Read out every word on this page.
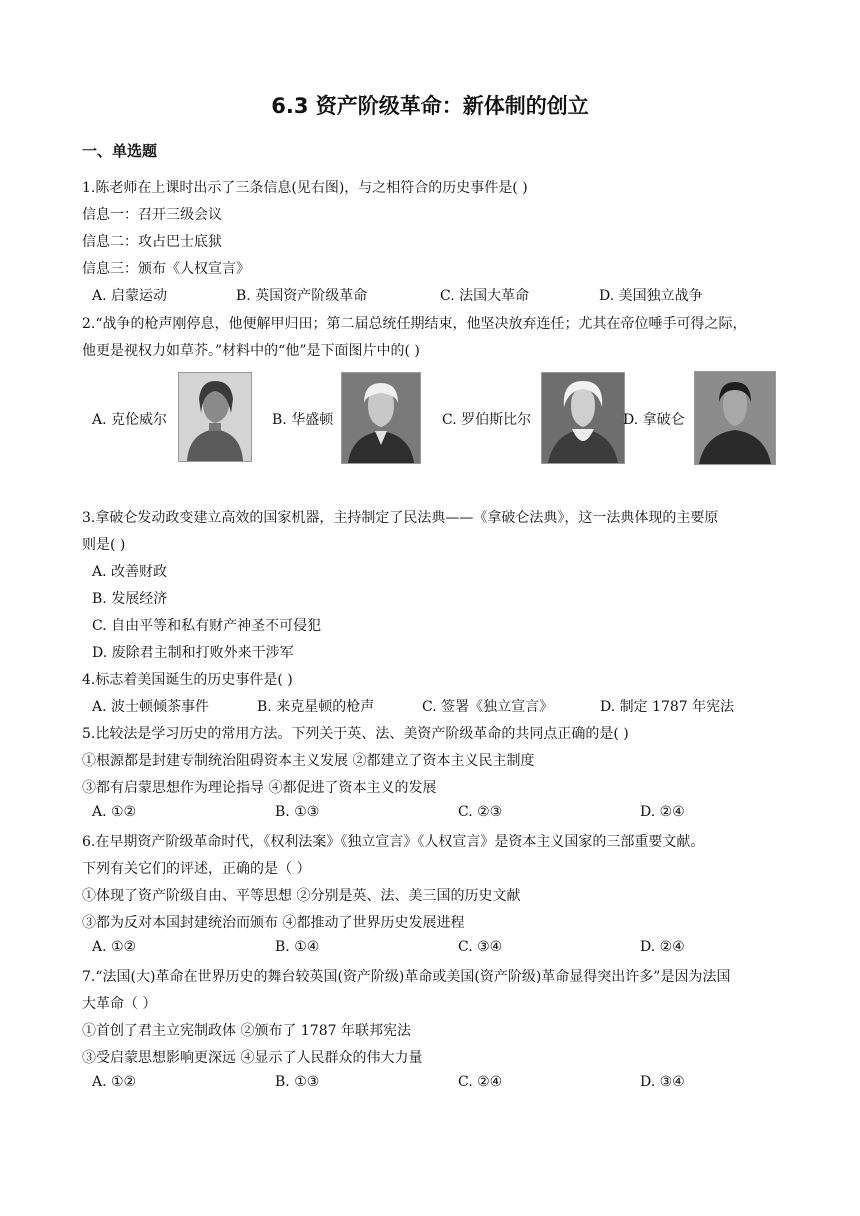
6.3 资产阶级革命：新体制的创立
一、单选题
1.陈老师在上课时出示了三条信息(见右图)，与之相符合的历史事件是( )
信息一：召开三级会议
信息二：攻占巴士底狱
信息三：颁布《人权宣言》
A. 启蒙运动	B. 英国资产阶级革命	C. 法国大革命	D. 美国独立战争
2.“战争的枪声刚停息，他便解甲归田；第二届总统任期结束，他坚决放弃连任；尤其在帝位唾手可得之际，
他更是视权力如草芥。”材料中的“他”是下面图片中的( )
A. 克伦威尔	B. 华盛顿	C. 罗伯斯比尔	D. 拿破仑
3.拿破仑发动政变建立高效的国家机器，主持制定了民法典——《拿破仑法典》，这一法典体现的主要原
则是( )
A. 改善财政
B. 发展经济
C. 自由平等和私有财产神圣不可侵犯
D. 废除君主制和打败外来干涉军
4.标志着美国诞生的历史事件是( )
A. 波士顿倾茶事件	B. 来克星顿的枪声	C. 签署《独立宣言》	D. 制定 1787 年宪法
5.比较法是学习历史的常用方法。下列关于英、法、美资产阶级革命的共同点正确的是( )
①根源都是封建专制统治阻碍资本主义发展 ②都建立了资本主义民主制度
③都有启蒙思想作为理论指导 ④都促进了资本主义的发展
A. ①②	B. ①③	C. ②③	D. ②④
6.在早期资产阶级革命时代，《权利法案》《独立宣言》《人权宣言》是资本主义国家的三部重要文献。
下列有关它们的评述，正确的是（ ）
①体现了资产阶级自由、平等思想 ②分别是英、法、美三国的历史文献
③都为反对本国封建统治而颁布 ④都推动了世界历史发展进程
A. ①②	B. ①④	C. ③④	D. ②④
7.“法国(大)革命在世界历史的舞台较英国(资产阶级)革命或美国(资产阶级)革命显得突出许多”是因为法国
大革命（ ）
①首创了君主立宪制政体 ②颁布了 1787 年联邦宪法
③受启蒙思想影响更深远 ④显示了人民群众的伟大力量
A. ①②	B. ①③	C. ②④	D. ③④
